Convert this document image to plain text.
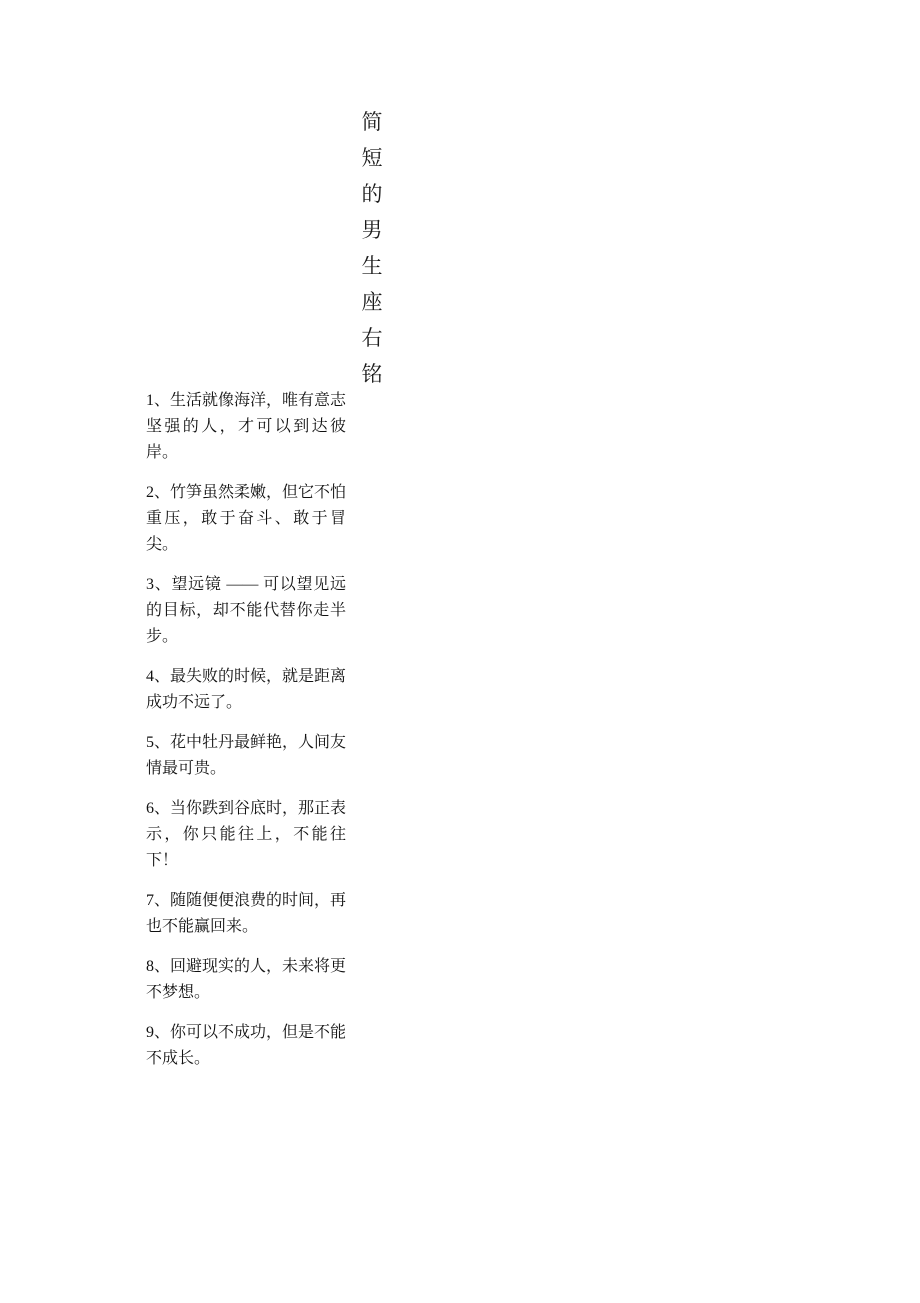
简
短
的
男
生
座
右
铭

1、生活就像海洋，唯有意志坚强的人，才可以到达彼岸。

2、竹笋虽然柔嫩，但它不怕重压，敢于奋斗、敢于冒尖。

3、望远镜 —— 可以望见远的目标，却不能代替你走半步。

4、最失败的时候，就是距离成功不远了。

5、花中牡丹最鲜艳，人间友情最可贵。

6、当你跌到谷底时，那正表示，你只能往上，不能往下！

7、随随便便浪费的时间，再也不能赢回来。

8、回避现实的人，未来将更不梦想。

9、你可以不成功，但是不能不成长。
